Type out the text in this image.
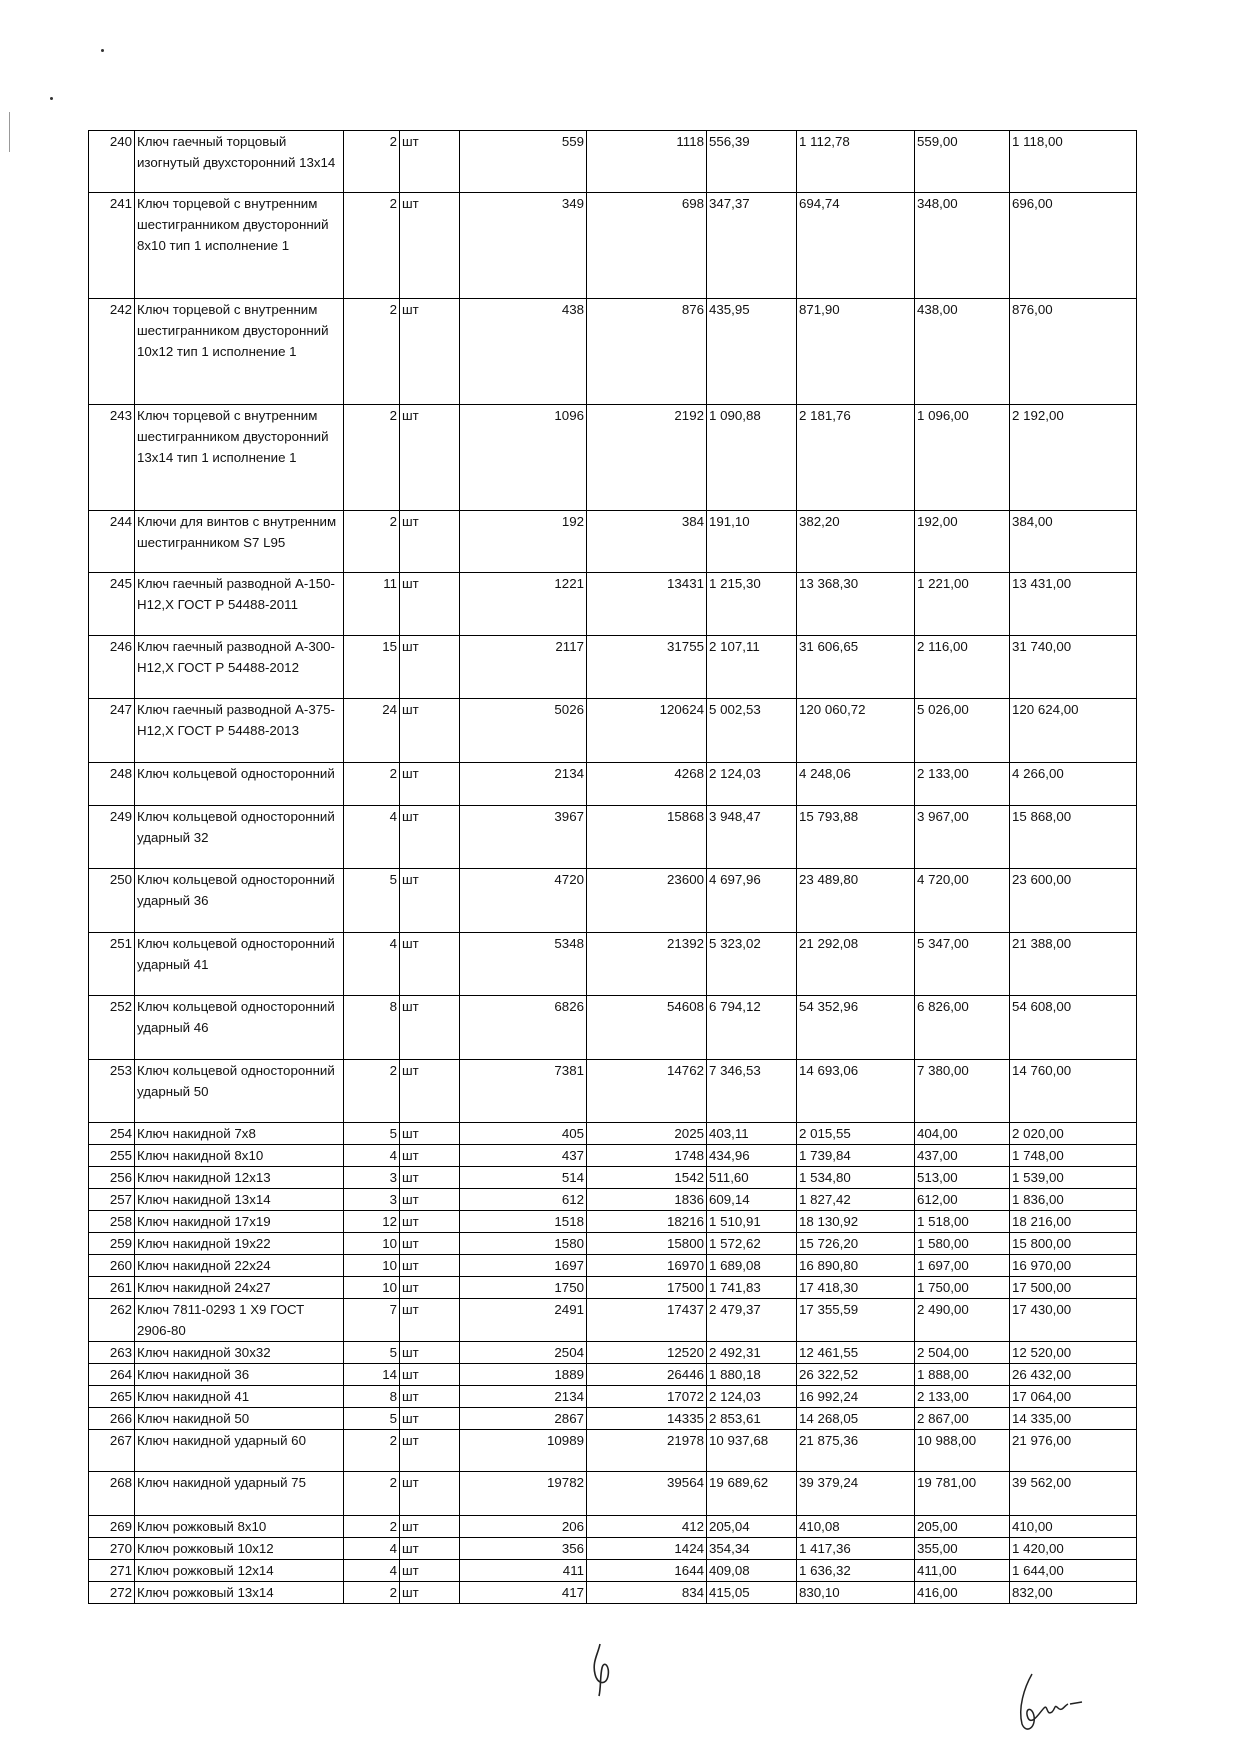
240	Ключ гаечный торцовый изогнутый двухсторонний 13х14	2	шт	559	1118	556,39	1 112,78	559,00	1 118,00
241	Ключ торцевой с внутренним шестигранником двусторонний 8х10 тип 1 исполнение 1	2	шт	349	698	347,37	694,74	348,00	696,00
242	Ключ торцевой с внутренним шестигранником двусторонний 10х12 тип 1 исполнение 1	2	шт	438	876	435,95	871,90	438,00	876,00
243	Ключ торцевой с внутренним шестигранником двусторонний 13х14 тип 1 исполнение 1	2	шт	1096	2192	1 090,88	2 181,76	1 096,00	2 192,00
244	Ключи для винтов с внутренним шестигранником S7 L95	2	шт	192	384	191,10	382,20	192,00	384,00
245	Ключ гаечный разводной А-150-Н12,Х ГОСТ Р 54488-2011	11	шт	1221	13431	1 215,30	13 368,30	1 221,00	13 431,00
246	Ключ гаечный разводной А-300-Н12,Х ГОСТ Р 54488-2012	15	шт	2117	31755	2 107,11	31 606,65	2 116,00	31 740,00
247	Ключ гаечный разводной А-375-Н12,Х ГОСТ Р 54488-2013	24	шт	5026	120624	5 002,53	120 060,72	5 026,00	120 624,00
248	Ключ кольцевой односторонний	2	шт	2134	4268	2 124,03	4 248,06	2 133,00	4 266,00
249	Ключ кольцевой односторонний ударный 32	4	шт	3967	15868	3 948,47	15 793,88	3 967,00	15 868,00
250	Ключ кольцевой односторонний ударный 36	5	шт	4720	23600	4 697,96	23 489,80	4 720,00	23 600,00
251	Ключ кольцевой односторонний ударный 41	4	шт	5348	21392	5 323,02	21 292,08	5 347,00	21 388,00
252	Ключ кольцевой односторонний ударный 46	8	шт	6826	54608	6 794,12	54 352,96	6 826,00	54 608,00
253	Ключ кольцевой односторонний ударный 50	2	шт	7381	14762	7 346,53	14 693,06	7 380,00	14 760,00
254	Ключ накидной 7х8	5	шт	405	2025	403,11	2 015,55	404,00	2 020,00
255	Ключ накидной 8х10	4	шт	437	1748	434,96	1 739,84	437,00	1 748,00
256	Ключ накидной 12х13	3	шт	514	1542	511,60	1 534,80	513,00	1 539,00
257	Ключ накидной 13х14	3	шт	612	1836	609,14	1 827,42	612,00	1 836,00
258	Ключ накидной 17х19	12	шт	1518	18216	1 510,91	18 130,92	1 518,00	18 216,00
259	Ключ накидной 19х22	10	шт	1580	15800	1 572,62	15 726,20	1 580,00	15 800,00
260	Ключ накидной 22х24	10	шт	1697	16970	1 689,08	16 890,80	1 697,00	16 970,00
261	Ключ накидной 24х27	10	шт	1750	17500	1 741,83	17 418,30	1 750,00	17 500,00
262	Ключ 7811-0293 1 Х9 ГОСТ 2906-80	7	шт	2491	17437	2 479,37	17 355,59	2 490,00	17 430,00
263	Ключ накидной 30х32	5	шт	2504	12520	2 492,31	12 461,55	2 504,00	12 520,00
264	Ключ накидной 36	14	шт	1889	26446	1 880,18	26 322,52	1 888,00	26 432,00
265	Ключ накидной 41	8	шт	2134	17072	2 124,03	16 992,24	2 133,00	17 064,00
266	Ключ накидной 50	5	шт	2867	14335	2 853,61	14 268,05	2 867,00	14 335,00
267	Ключ накидной ударный 60	2	шт	10989	21978	10 937,68	21 875,36	10 988,00	21 976,00
268	Ключ накидной ударный 75	2	шт	19782	39564	19 689,62	39 379,24	19 781,00	39 562,00
269	Ключ рожковый 8х10	2	шт	206	412	205,04	410,08	205,00	410,00
270	Ключ рожковый 10х12	4	шт	356	1424	354,34	1 417,36	355,00	1 420,00
271	Ключ рожковый 12х14	4	шт	411	1644	409,08	1 636,32	411,00	1 644,00
272	Ключ рожковый 13х14	2	шт	417	834	415,05	830,10	416,00	832,00
